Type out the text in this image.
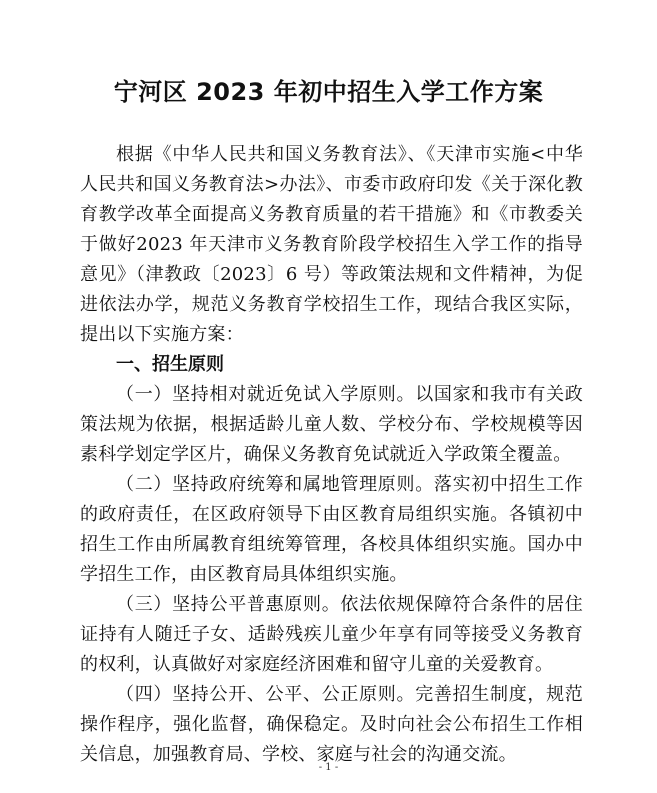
宁河区 2023 年初中招生入学工作方案

根据《中华人民共和国义务教育法》、《天津市实施<中华人民共和国义务教育法>办法》、市委市政府印发《关于深化教育教学改革全面提高义务教育质量的若干措施》和《市教委关于做好2023 年天津市义务教育阶段学校招生入学工作的指导意见》（津教政〔2023〕6 号）等政策法规和文件精神，为促进依法办学，规范义务教育学校招生工作，现结合我区实际，提出以下实施方案：

一、招生原则

（一）坚持相对就近免试入学原则。以国家和我市有关政策法规为依据，根据适龄儿童人数、学校分布、学校规模等因素科学划定学区片，确保义务教育免试就近入学政策全覆盖。

（二）坚持政府统筹和属地管理原则。落实初中招生工作的政府责任，在区政府领导下由区教育局组织实施。各镇初中招生工作由所属教育组统筹管理，各校具体组织实施。国办中学招生工作，由区教育局具体组织实施。

（三）坚持公平普惠原则。依法依规保障符合条件的居住证持有人随迁子女、适龄残疾儿童少年享有同等接受义务教育的权利，认真做好对家庭经济困难和留守儿童的关爱教育。

（四）坚持公开、公平、公正原则。完善招生制度，规范操作程序，强化监督，确保稳定。及时向社会公布招生工作相关信息，加强教育局、学校、家庭与社会的沟通交流。

- 1 -
